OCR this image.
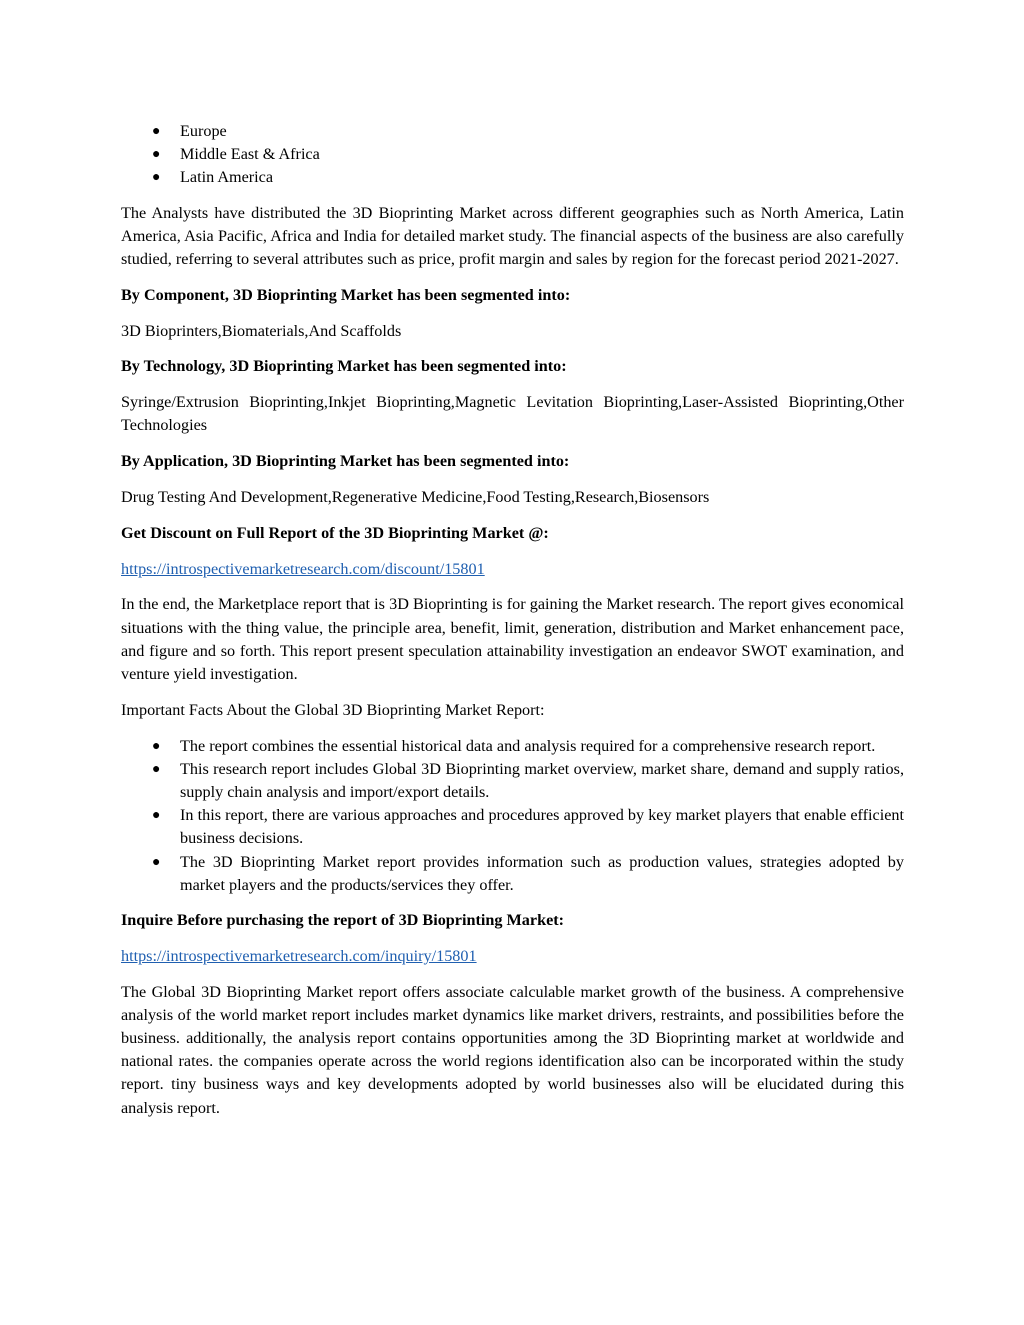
● Europe
● Middle East & Africa
● Latin America

The Analysts have distributed the 3D Bioprinting Market across different geographies such as North America, Latin America, Asia Pacific, Africa and India for detailed market study. The financial aspects of the business are also carefully studied, referring to several attributes such as price, profit margin and sales by region for the forecast period 2021-2027.

By Component, 3D Bioprinting Market has been segmented into:

3D Bioprinters,Biomaterials,And Scaffolds

By Technology, 3D Bioprinting Market has been segmented into:

Syringe/Extrusion Bioprinting,Inkjet Bioprinting,Magnetic Levitation Bioprinting,Laser-Assisted Bioprinting,Other Technologies

By Application, 3D Bioprinting Market has been segmented into:

Drug Testing And Development,Regenerative Medicine,Food Testing,Research,Biosensors

Get Discount on Full Report of the 3D Bioprinting Market @:

https://introspectivemarketresearch.com/discount/15801

In the end, the Marketplace report that is 3D Bioprinting is for gaining the Market research. The report gives economical situations with the thing value, the principle area, benefit, limit, generation, distribution and Market enhancement pace, and figure and so forth. This report present speculation attainability investigation an endeavor SWOT examination, and venture yield investigation.

Important Facts About the Global 3D Bioprinting Market Report:

● The report combines the essential historical data and analysis required for a comprehensive research report.
● This research report includes Global 3D Bioprinting market overview, market share, demand and supply ratios, supply chain analysis and import/export details.
● In this report, there are various approaches and procedures approved by key market players that enable efficient business decisions.
● The 3D Bioprinting Market report provides information such as production values, strategies adopted by market players and the products/services they offer.

Inquire Before purchasing the report of 3D Bioprinting Market:

https://introspectivemarketresearch.com/inquiry/15801

The Global 3D Bioprinting Market report offers associate calculable market growth of the business. A comprehensive analysis of the world market report includes market dynamics like market drivers, restraints, and possibilities before the business. additionally, the analysis report contains opportunities among the 3D Bioprinting market at worldwide and national rates. the companies operate across the world regions identification also can be incorporated within the study report. tiny business ways and key developments adopted by world businesses also will be elucidated during this analysis report.
